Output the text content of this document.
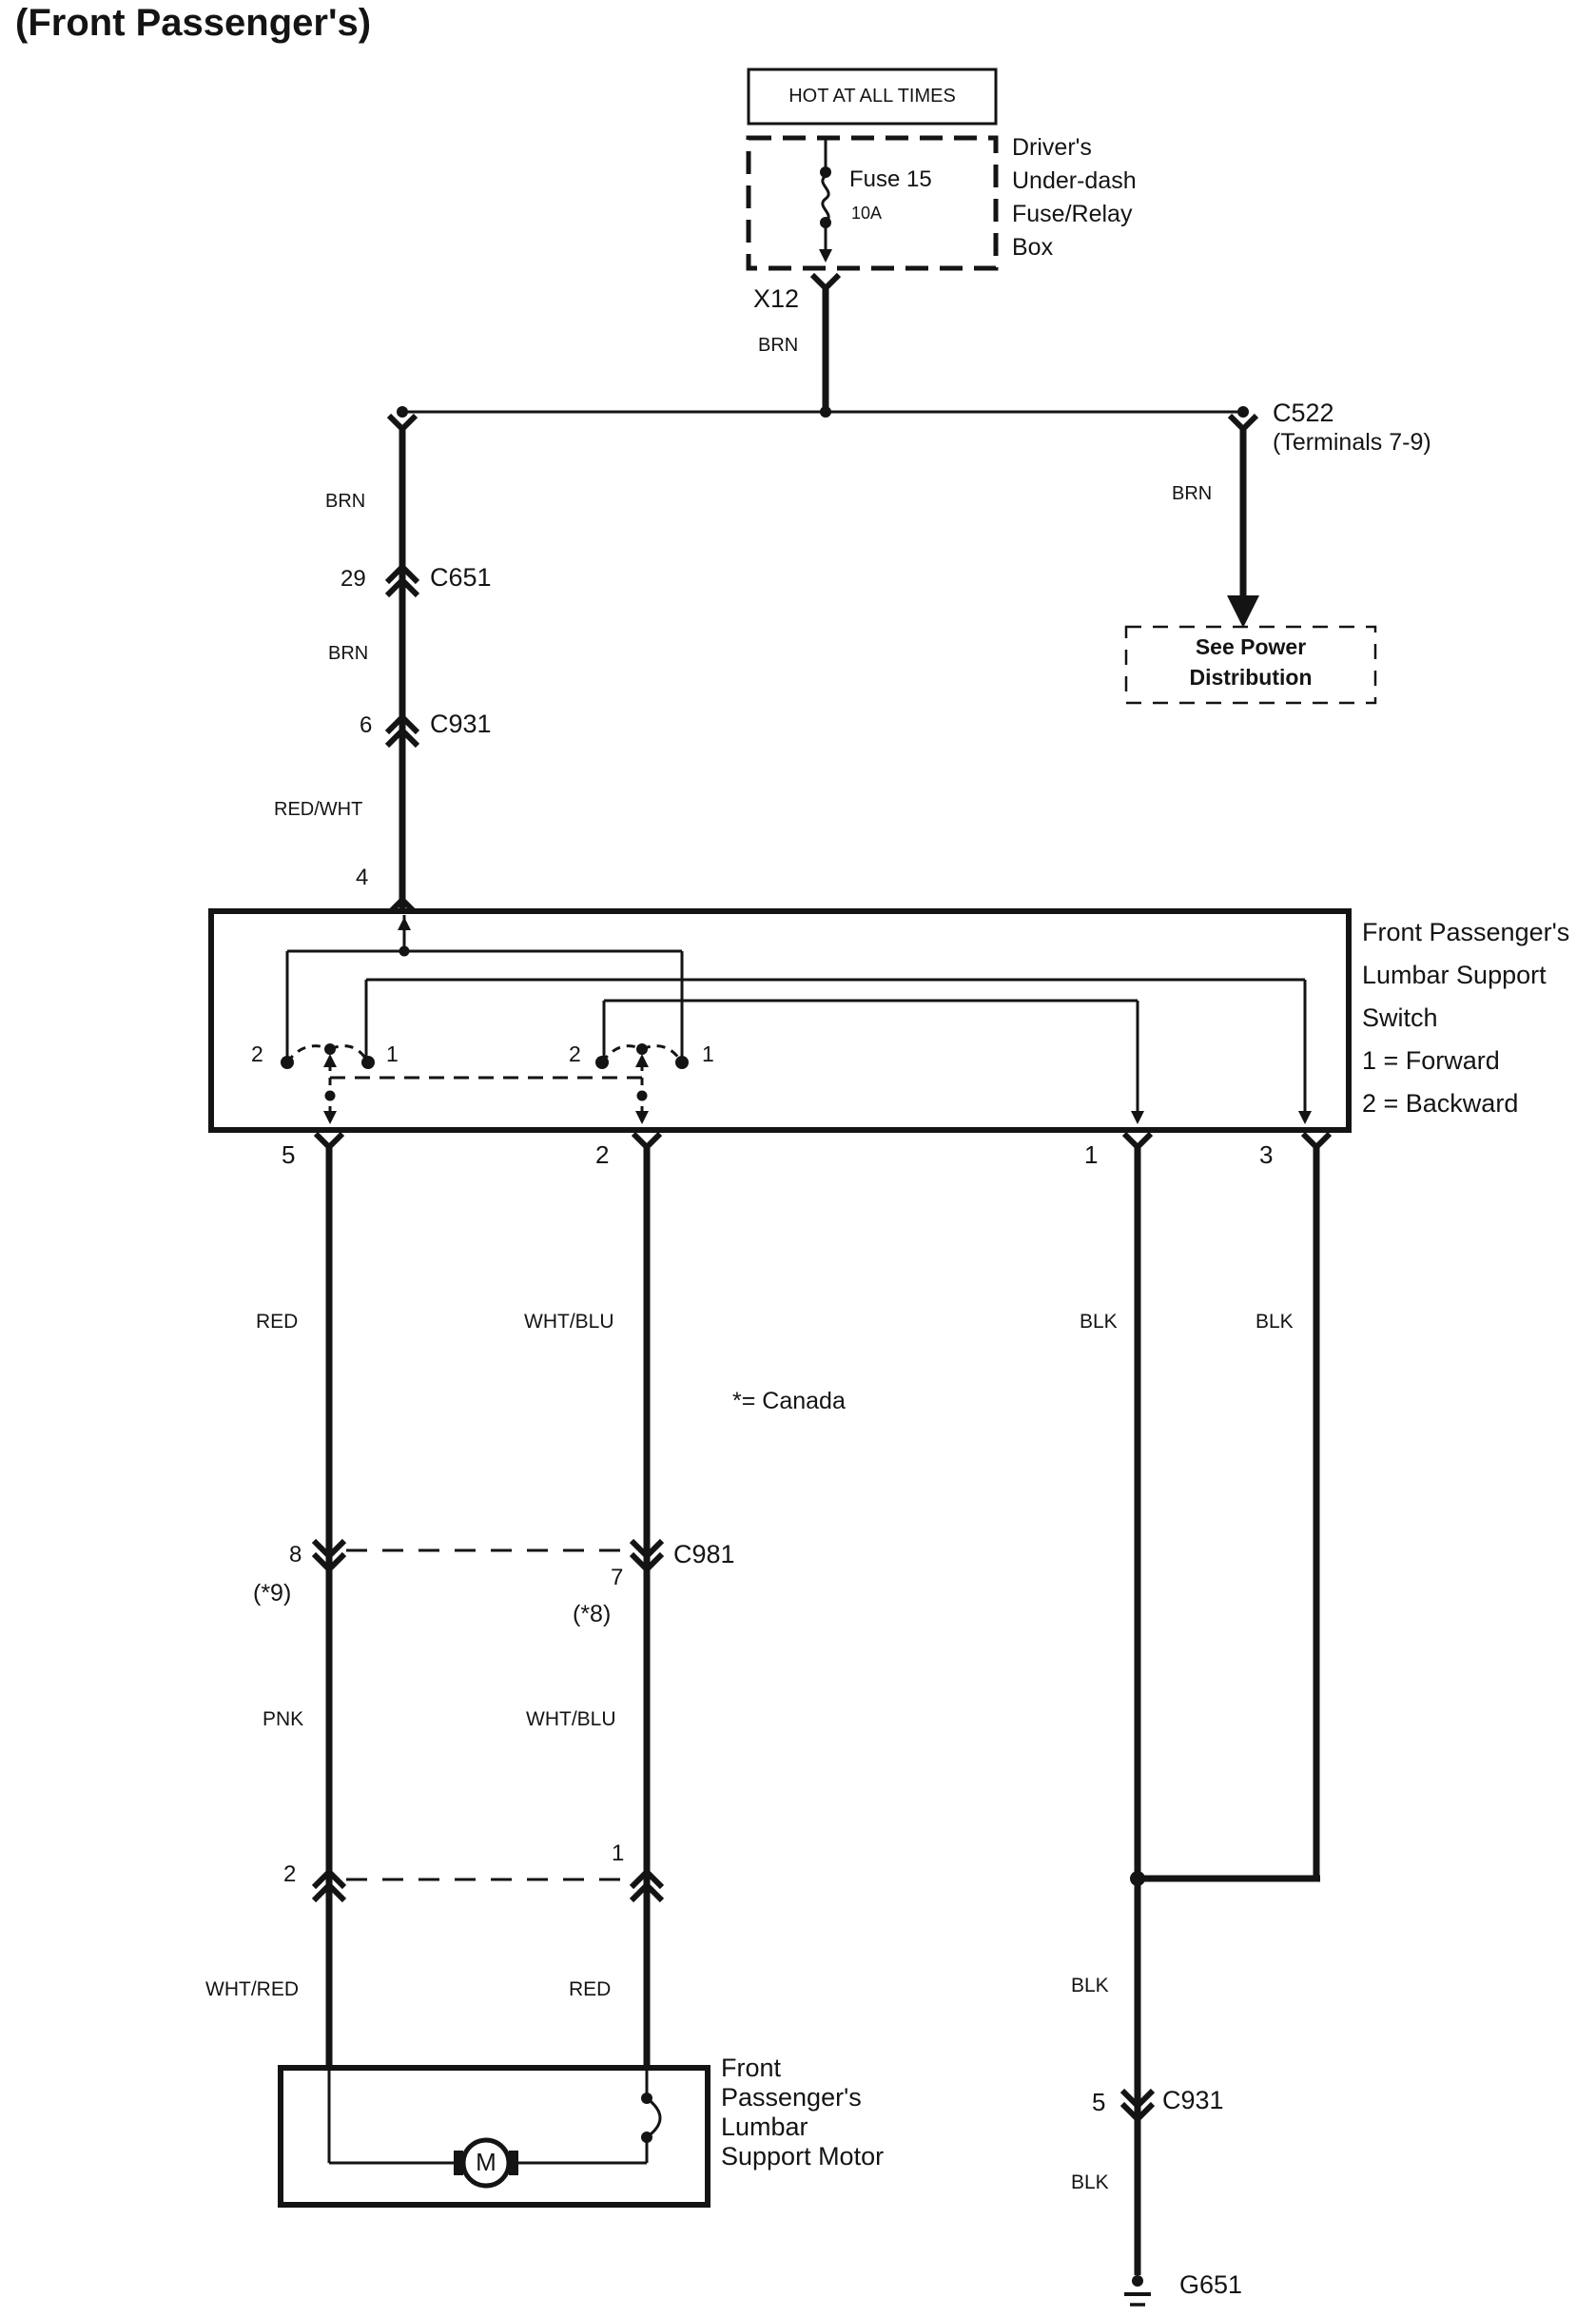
(Front Passenger's)
HOT AT ALL TIMES
Fuse 15
10A
Driver's
Under-dash
Fuse/Relay
Box
X12
BRN
C522
(Terminals 7-9)
BRN
See Power
Distribution
BRN
29 C651
BRN
6 C931
RED/WHT
4
Front Passenger's
Lumbar Support
Switch
1 = Forward
2 = Backward
2	1	2	1
5	2	1	3
RED	WHT/BLU	BLK	BLK
*= Canada
8
(*9)
C981
7
(*8)
PNK	WHT/BLU
2
1
WHT/RED	RED
Front
Passenger's
Lumbar
Support Motor
M
BLK
5 C931
BLK
G651
